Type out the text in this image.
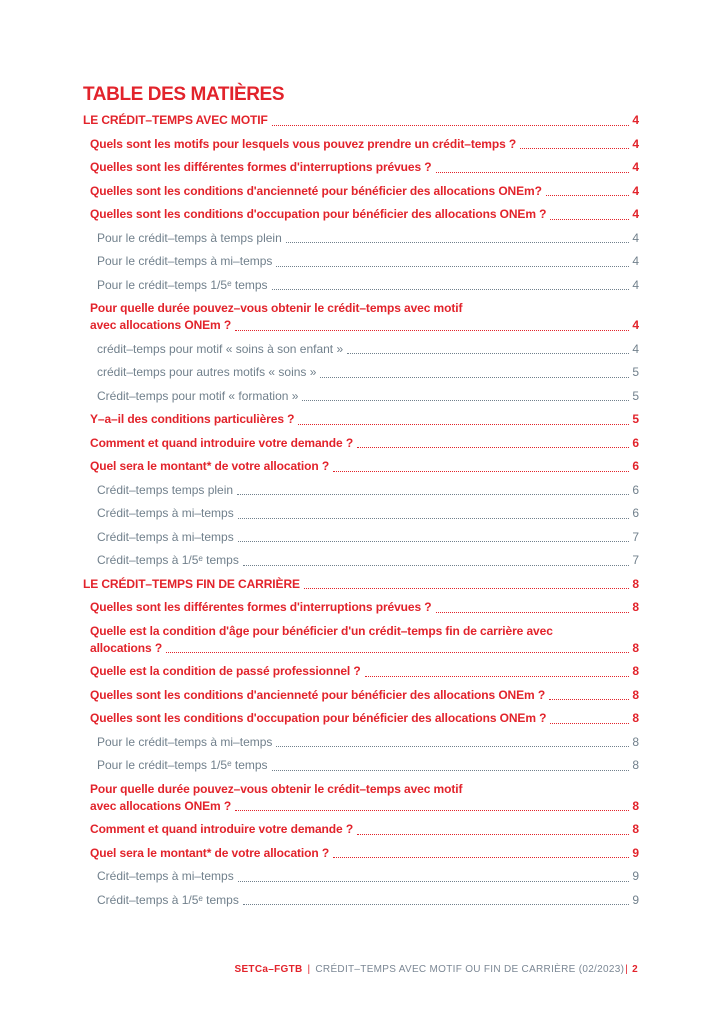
TABLE DES MATIÈRES
LE CRÉDIT–TEMPS AVEC MOTIF	4
Quels sont les motifs pour lesquels vous pouvez prendre un crédit–temps ?	4
Quelles sont les différentes formes d'interruptions prévues ?	4
Quelles sont les conditions d'ancienneté pour bénéficier des allocations ONEm?	4
Quelles sont les conditions d'occupation pour bénéficier des allocations ONEm ?	4
Pour le crédit–temps à temps plein	4
Pour le crédit–temps à mi–temps	4
Pour le crédit–temps 1/5ᵉ temps	4
Pour quelle durée pouvez–vous obtenir le crédit–temps avec motif
avec allocations ONEm ?	4
crédit–temps pour motif « soins à son enfant »	4
crédit–temps pour autres motifs « soins »	5
Crédit–temps pour motif « formation »	5
Y–a–il des conditions particulières ?	5
Comment et quand introduire votre demande ?	6
Quel sera le montant* de votre allocation ?	6
Crédit–temps temps plein	6
Crédit–temps à mi–temps	6
Crédit–temps à mi–temps	7
Crédit–temps à 1/5ᵉ temps	7
LE CRÉDIT–TEMPS FIN DE CARRIÈRE	8
Quelles sont les différentes formes d'interruptions prévues ?	8
Quelle est la condition d'âge pour bénéficier d'un crédit–temps fin de carrière avec
allocations ?	8
Quelle est la condition de passé professionnel ?	8
Quelles sont les conditions d'ancienneté pour bénéficier des allocations ONEm ?	8
Quelles sont les conditions d'occupation pour bénéficier des allocations ONEm ?	8
Pour le crédit–temps à mi–temps	8
Pour le crédit–temps 1/5ᵉ temps	8
Pour quelle durée pouvez–vous obtenir le crédit–temps avec motif
avec allocations ONEm ?	8
Comment et quand introduire votre demande ?	8
Quel sera le montant* de votre allocation ?	9
Crédit–temps à mi–temps	9
Crédit–temps à 1/5ᵉ temps	9
SETCa–FGTB | CRÉDIT–TEMPS AVEC MOTIF OU FIN DE CARRIÈRE (02/2023)| 2
